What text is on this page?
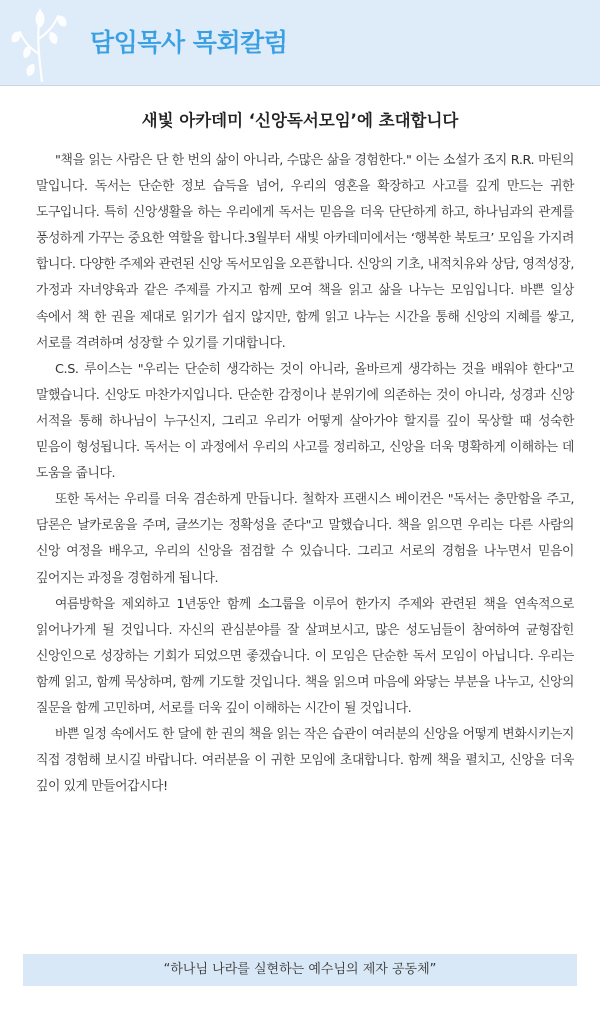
담임목사 목회칼럼
새빛 아카데미 ‘신앙독서모임’에 초대합니다

"책을 읽는 사람은 단 한 번의 삶이 아니라, 수많은 삶을 경험한다." 이는 소설가 조지 R.R. 마틴의 말입니다. 독서는 단순한 정보 습득을 넘어, 우리의 영혼을 확장하고 사고를 깊게 만드는 귀한 도구입니다. 특히 신앙생활을 하는 우리에게 독서는 믿음을 더욱 단단하게 하고, 하나님과의 관계를 풍성하게 가꾸는 중요한 역할을 합니다.3월부터 새빛 아카데미에서는 ‘행복한 북토크’ 모임을 가지려 합니다. 다양한 주제와 관련된 신앙 독서모임을 오픈합니다. 신앙의 기초, 내적치유와 상담, 영적성장, 가정과 자녀양육과 같은 주제를 가지고 함께 모여 책을 읽고 삶을 나누는 모임입니다. 바쁜 일상 속에서 책 한 권을 제대로 읽기가 쉽지 않지만, 함께 읽고 나누는 시간을 통해 신앙의 지혜를 쌓고, 서로를 격려하며 성장할 수 있기를 기대합니다.

C.S. 루이스는 "우리는 단순히 생각하는 것이 아니라, 올바르게 생각하는 것을 배워야 한다"고 말했습니다. 신앙도 마찬가지입니다. 단순한 감정이나 분위기에 의존하는 것이 아니라, 성경과 신앙 서적을 통해 하나님이 누구신지, 그리고 우리가 어떻게 살아가야 할지를 깊이 묵상할 때 성숙한 믿음이 형성됩니다. 독서는 이 과정에서 우리의 사고를 정리하고, 신앙을 더욱 명확하게 이해하는 데 도움을 줍니다.

또한 독서는 우리를 더욱 겸손하게 만듭니다. 철학자 프랜시스 베이컨은 "독서는 충만함을 주고, 담론은 날카로움을 주며, 글쓰기는 정확성을 준다"고 말했습니다. 책을 읽으면 우리는 다른 사람의 신앙 여정을 배우고, 우리의 신앙을 점검할 수 있습니다. 그리고 서로의 경험을 나누면서 믿음이 깊어지는 과정을 경험하게 됩니다.

여름방학을 제외하고 1년동안 함께 소그룹을 이루어 한가지 주제와 관련된 책을 연속적으로 읽어나가게 될 것입니다. 자신의 관심분야를 잘 살펴보시고, 많은 성도님들이 참여하여 균형잡힌 신앙인으로 성장하는 기회가 되었으면 좋겠습니다. 이 모임은 단순한 독서 모임이 아닙니다. 우리는 함께 읽고, 함께 묵상하며, 함께 기도할 것입니다. 책을 읽으며 마음에 와닿는 부분을 나누고, 신앙의 질문을 함께 고민하며, 서로를 더욱 깊이 이해하는 시간이 될 것입니다.

바쁜 일정 속에서도 한 달에 한 권의 책을 읽는 작은 습관이 여러분의 신앙을 어떻게 변화시키는지 직접 경험해 보시길 바랍니다. 여러분을 이 귀한 모임에 초대합니다. 함께 책을 펼치고, 신앙을 더욱 깊이 있게 만들어갑시다!

“하나님 나라를 실현하는 예수님의 제자 공동체”
